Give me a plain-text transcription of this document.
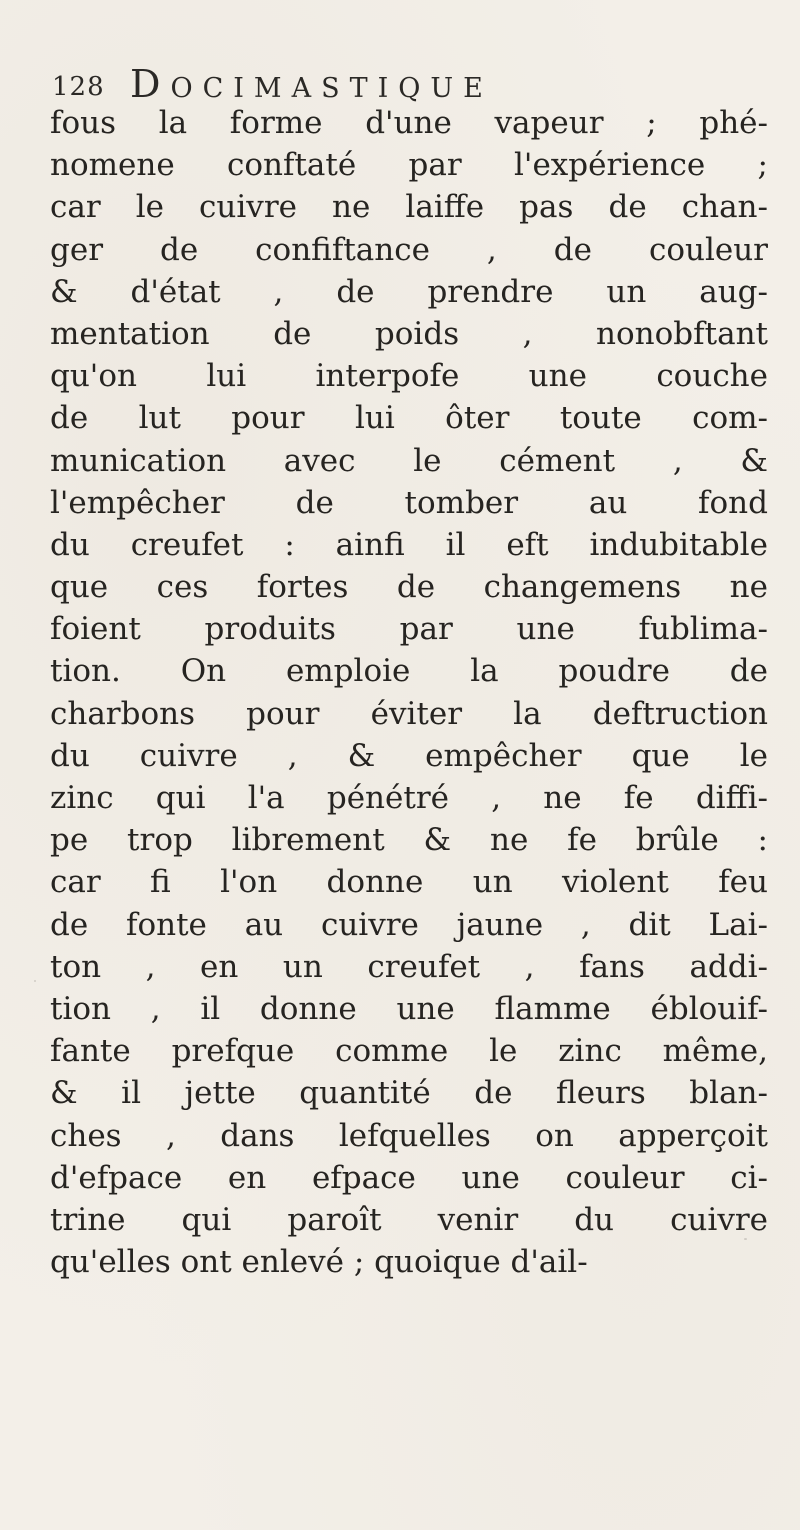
128 Docimastique
fous la forme d'une vapeur ; phé-
nomene conftaté par l'expérience ;
car le cuivre ne laiffe pas de chan-
ger de confiftance , de couleur
& d'état , de prendre un aug-
mentation de poids , nonobftant
qu'on lui interpofe une couche
de lut pour lui ôter toute com-
munication avec le cément , &
l'empêcher de tomber au fond
du creufet : ainfi il eft indubitable
que ces fortes de changemens ne
foient produits par une fublima-
tion. On emploie la poudre de
charbons pour éviter la deftruction
du cuivre , & empêcher que le
zinc qui l'a pénétré , ne fe diffi-
pe trop librement & ne fe brûle :
car fi l'on donne un violent feu
de fonte au cuivre jaune , dit Lai-
ton , en un creufet , fans addi-
tion , il donne une flamme éblouif-
fante prefque comme le zinc même,
& il jette quantité de fleurs blan-
ches , dans lefquelles on apperçoit
d'efpace en efpace une couleur ci-
trine qui paroît venir du cuivre
qu'elles ont enlevé ; quoique d'ail-
